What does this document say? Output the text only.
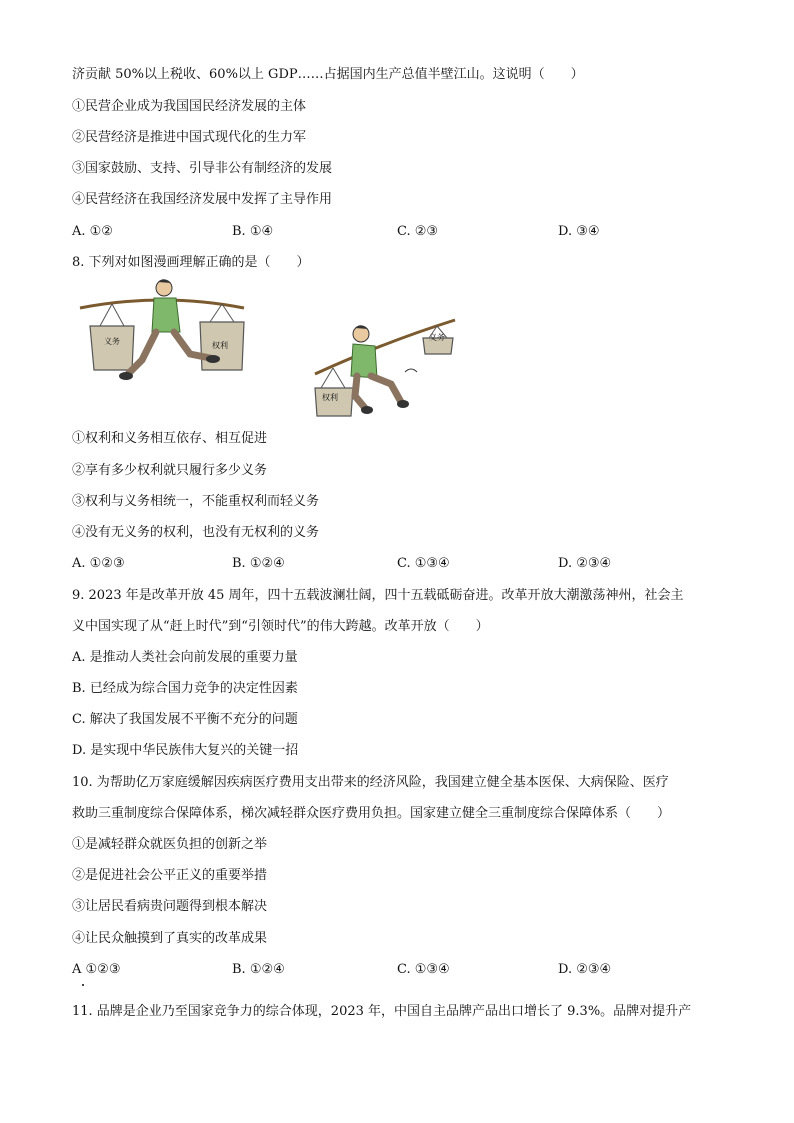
济贡献 50%以上税收、60%以上 GDP……占据国内生产总值半壁江山。这说明（　　）
①民营企业成为我国国民经济发展的主体
②民营经济是推进中国式现代化的生力军
③国家鼓励、支持、引导非公有制经济的发展
④民营经济在我国经济发展中发挥了主导作用
A. ①②	B. ①④	C. ②③	D. ③④
8. 下列对如图漫画理解正确的是（　　）
义务	权利
权利
义务
①权利和义务相互依存、相互促进
②享有多少权利就只履行多少义务
③权利与义务相统一，不能重权利而轻义务
④没有无义务的权利，也没有无权利的义务
A. ①②③	B. ①②④	C. ①③④	D. ②③④
9. 2023 年是改革开放 45 周年，四十五载波澜壮阔，四十五载砥砺奋进。改革开放大潮激荡神州，社会主
义中国实现了从“赶上时代”到“引领时代”的伟大跨越。改革开放（　　）
A. 是推动人类社会向前发展的重要力量
B. 已经成为综合国力竞争的决定性因素
C. 解决了我国发展不平衡不充分的问题
D. 是实现中华民族伟大复兴的关键一招
10. 为帮助亿万家庭缓解因疾病医疗费用支出带来的经济风险，我国建立健全基本医保、大病保险、医疗
救助三重制度综合保障体系，梯次减轻群众医疗费用负担。国家建立健全三重制度综合保障体系（　　）
①是减轻群众就医负担的创新之举
②是促进社会公平正义的重要举措
③让居民看病贵问题得到根本解决
④让民众触摸到了真实的改革成果
A ①②③	B. ①②④	C. ①③④	D. ②③④
11. 品牌是企业乃至国家竞争力的综合体现，2023 年，中国自主品牌产品出口增长了 9.3%。品牌对提升产
